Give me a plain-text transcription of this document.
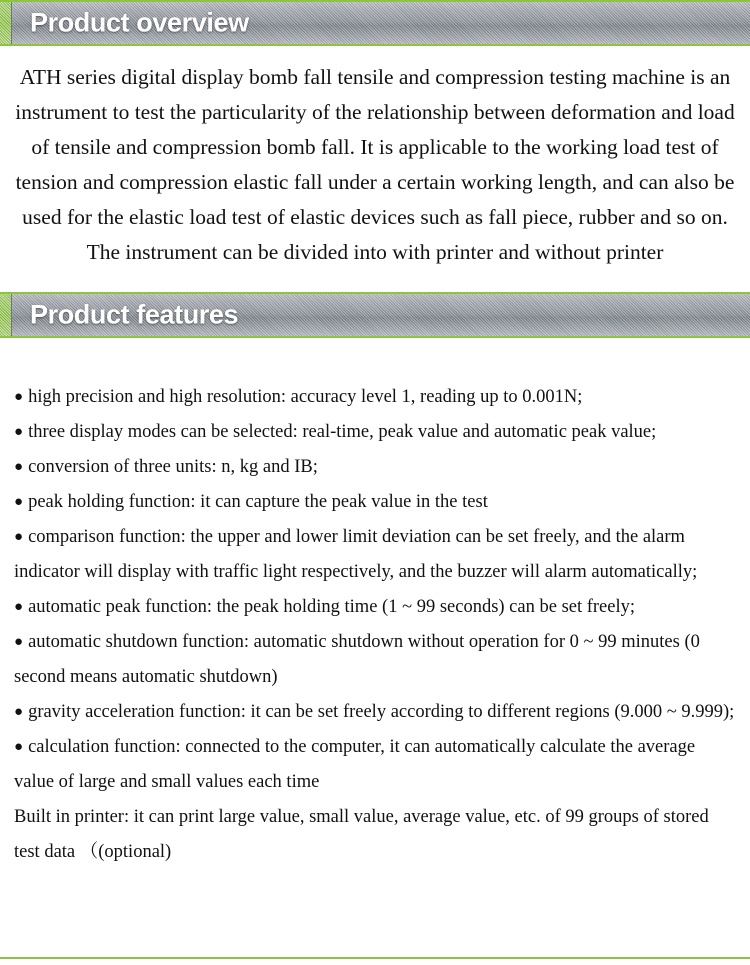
Product overview

ATH series digital display bomb fall tensile and compression testing machine is an instrument to test the particularity of the relationship between deformation and load of tensile and compression bomb fall. It is applicable to the working load test of tension and compression elastic fall under a certain working length, and can also be used for the elastic load test of elastic devices such as fall piece, rubber and so on. The instrument can be divided into with printer and without printer

Product features

● high precision and high resolution: accuracy level 1, reading up to 0.001N;

● three display modes can be selected: real-time, peak value and automatic peak value;

● conversion of three units: n, kg and IB;

● peak holding function: it can capture the peak value in the test

● comparison function: the upper and lower limit deviation can be set freely, and the alarm indicator will display with traffic light respectively, and the buzzer will alarm automatically;

● automatic peak function: the peak holding time (1 ~ 99 seconds) can be set freely;

● automatic shutdown function: automatic shutdown without operation for 0 ~ 99 minutes (0 second means automatic shutdown)

● gravity acceleration function: it can be set freely according to different regions (9.000 ~ 9.999);

● calculation function: connected to the computer, it can automatically calculate the average value of large and small values each time

Built in printer: it can print large value, small value, average value, etc. of 99 groups of stored test data （(optional)
